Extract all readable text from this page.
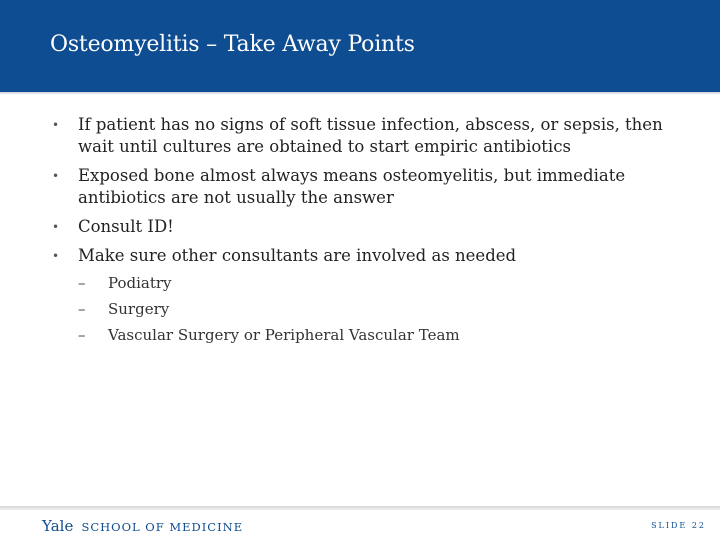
Osteomyelitis – Take Away Points
• If patient has no signs of soft tissue infection, abscess, or sepsis, then wait until cultures are obtained to start empiric antibiotics
• Exposed bone almost always means osteomyelitis, but immediate antibiotics are not usually the answer
• Consult ID!
• Make sure other consultants are involved as needed
– Podiatry
– Surgery
– Vascular Surgery or Peripheral Vascular Team
Yale SCHOOL OF MEDICINE	SLIDE 22
